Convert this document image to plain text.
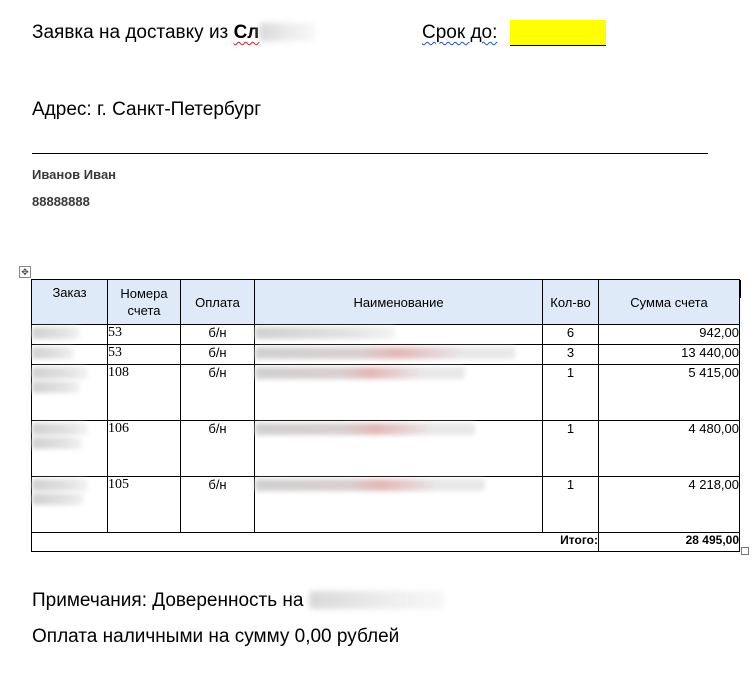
Заявка на доставку из Сл	Срок до:
Адрес: г. Санкт-Петербург
Иванов Иван
88888888
✥
Заказ	Номера счета	Оплата	Наименование	Кол-во	Сумма счета

	53	б/н		6	942,00

	53	б/н		3	13 440,00

	108	б/н		1	5 415,00

	106	б/н		1	4 480,00

	105	б/н		1	4 218,00
Итого:					28 495,00
Примечания: Доверенность на
Оплата наличными на сумму 0,00 рублей
